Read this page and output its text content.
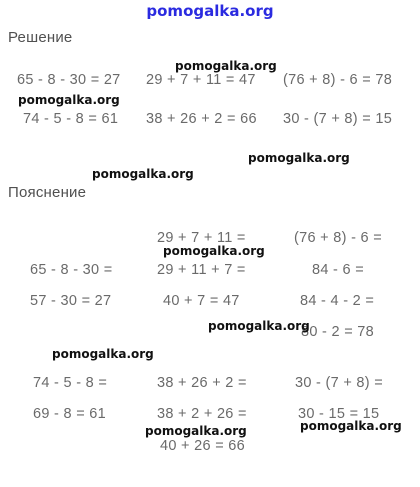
pomogalka.org
Решение
65 - 8 - 30 = 27 29 + 7 + 11 = 47 (76 + 8) - 6 = 78
74 - 5 - 8 = 61 38 + 26 + 2 = 66 30 - (7 + 8) = 15
Пояснение
65 - 8 - 30 =
57 - 30 = 27
74 - 5 - 8 =
69 - 8 = 61
29 + 7 + 11 =
29 + 11 + 7 =
40 + 7 = 47
38 + 26 + 2 =
38 + 2 + 26 =
40 + 26 = 66
(76 + 8) - 6 =
84 - 6 =
84 - 4 - 2 =
80 - 2 = 78
30 - (7 + 8) =
30 - 15 = 15
pomogalka.org
pomogalka.org
pomogalka.org
pomogalka.org
pomogalka.org
pomogalka.org
pomogalka.org
pomogalka.org
pomogalka.org
